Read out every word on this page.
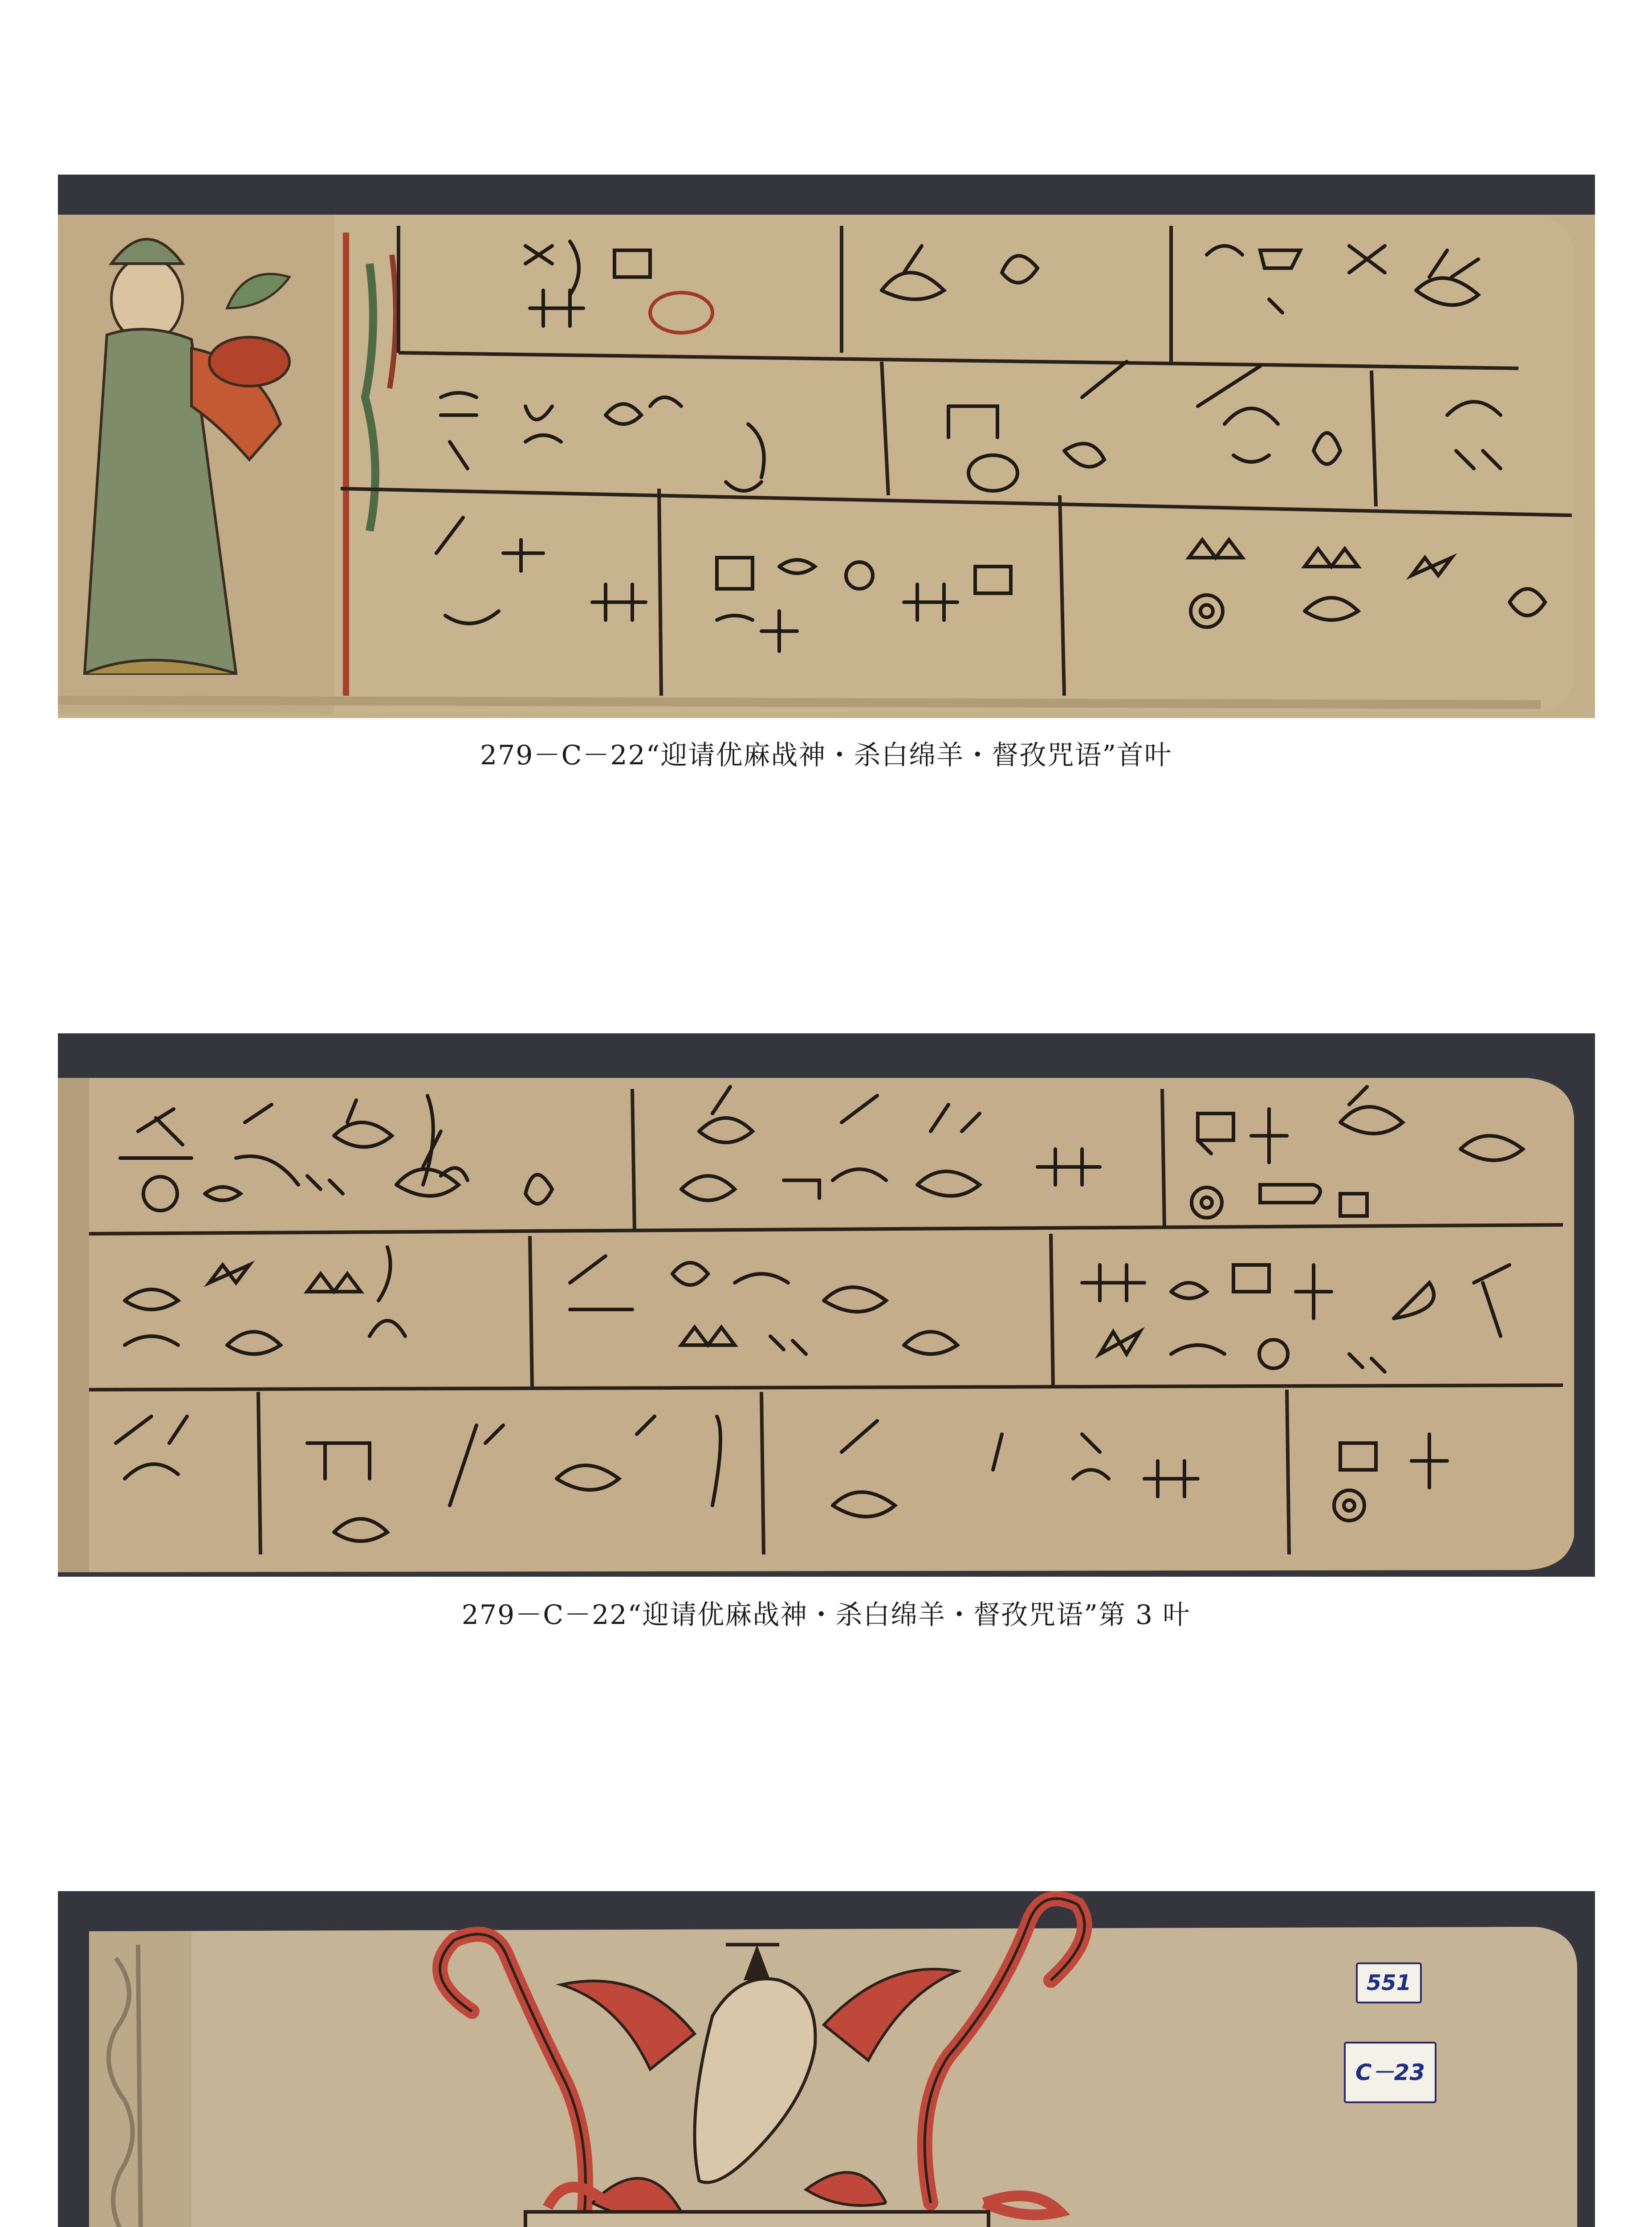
279－C－22“迎请优麻战神・杀白绵羊・督孜咒语”首叶
279－C－22“迎请优麻战神・杀白绵羊・督孜咒语”第 3 叶
551
C－23
